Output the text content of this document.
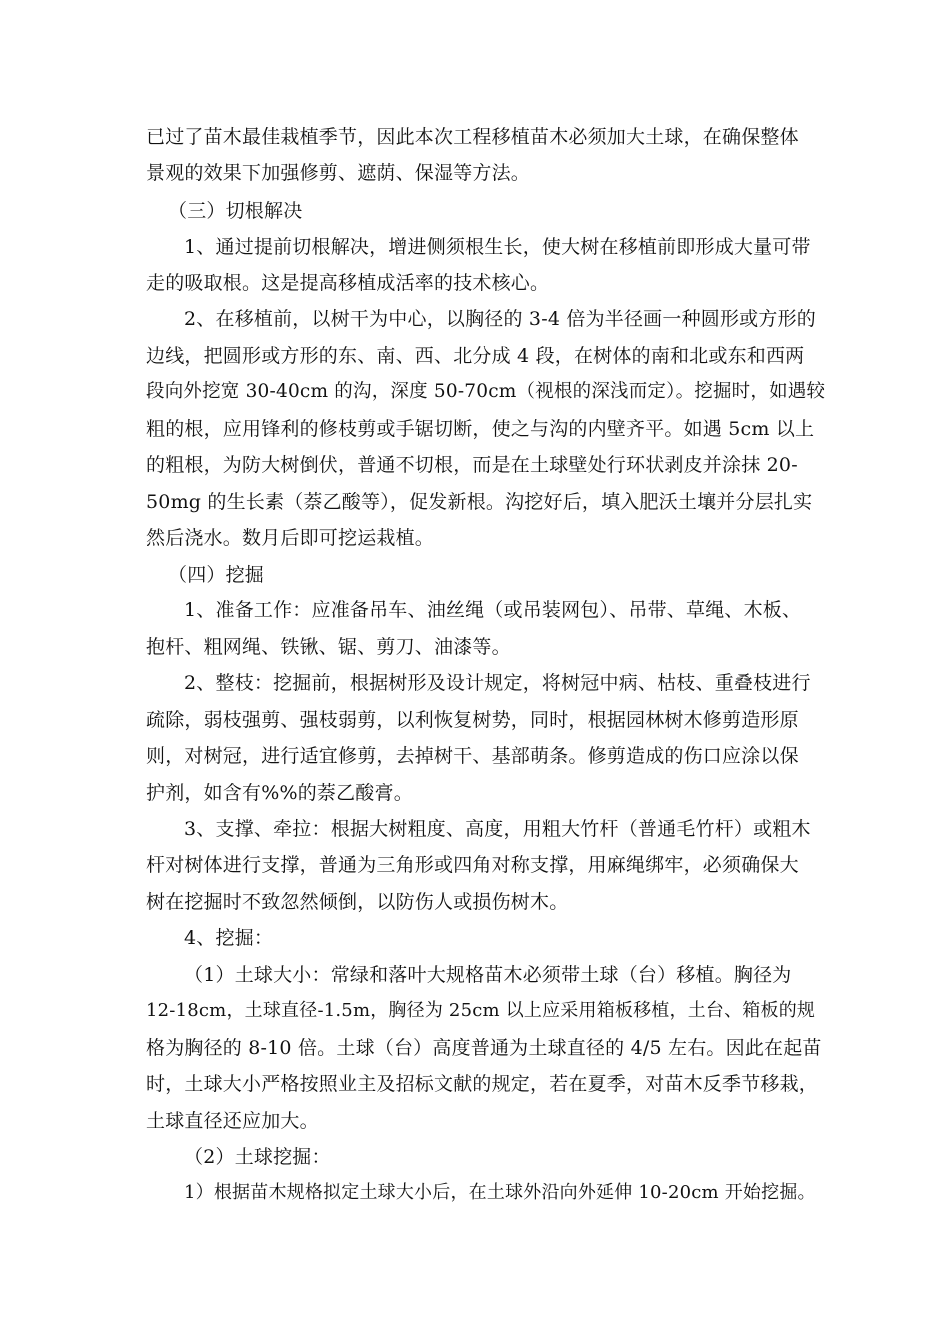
已过了苗木最佳栽植季节，因此本次工程移植苗木必须加大土球，在确保整体
景观的效果下加强修剪、遮荫、保湿等方法。
（三）切根解决
1、通过提前切根解决，增进侧须根生长，使大树在移植前即形成大量可带
走的吸取根。这是提高移植成活率的技术核心。
2、在移植前，以树干为中心，以胸径的 3-4 倍为半径画一种圆形或方形的
边线，把圆形或方形的东、南、西、北分成 4 段，在树体的南和北或东和西两
段向外挖宽 30-40cm 的沟，深度 50-70cm（视根的深浅而定）。挖掘时，如遇较
粗的根，应用锋利的修枝剪或手锯切断，使之与沟的内壁齐平。如遇 5cm 以上
的粗根，为防大树倒伏，普通不切根，而是在土球壁处行环状剥皮并涂抹 20-
50mg 的生长素（萘乙酸等），促发新根。沟挖好后，填入肥沃土壤并分层扎实
然后浇水。数月后即可挖运栽植。
（四）挖掘
1、准备工作：应准备吊车、油丝绳（或吊装网包）、吊带、草绳、木板、
抱杆、粗网绳、铁锹、锯、剪刀、油漆等。
2、整枝：挖掘前，根据树形及设计规定，将树冠中病、枯枝、重叠枝进行
疏除，弱枝强剪、强枝弱剪，以利恢复树势，同时，根据园林树木修剪造形原
则，对树冠，进行适宜修剪，去掉树干、基部萌条。修剪造成的伤口应涂以保
护剂，如含有%%的萘乙酸膏。
3、支撑、牵拉：根据大树粗度、高度，用粗大竹杆（普通毛竹杆）或粗木
杆对树体进行支撑，普通为三角形或四角对称支撑，用麻绳绑牢，必须确保大
树在挖掘时不致忽然倾倒，以防伤人或损伤树木。
4、挖掘：
（1）土球大小：常绿和落叶大规格苗木必须带土球（台）移植。胸径为
12-18cm，土球直径-1.5m，胸径为 25cm 以上应采用箱板移植，土台、箱板的规
格为胸径的 8-10 倍。土球（台）高度普通为土球直径的 4/5 左右。因此在起苗
时，土球大小严格按照业主及招标文献的规定，若在夏季，对苗木反季节移栽，
土球直径还应加大。
（2）土球挖掘：
1）根据苗木规格拟定土球大小后，在土球外沿向外延伸 10-20cm 开始挖掘。
